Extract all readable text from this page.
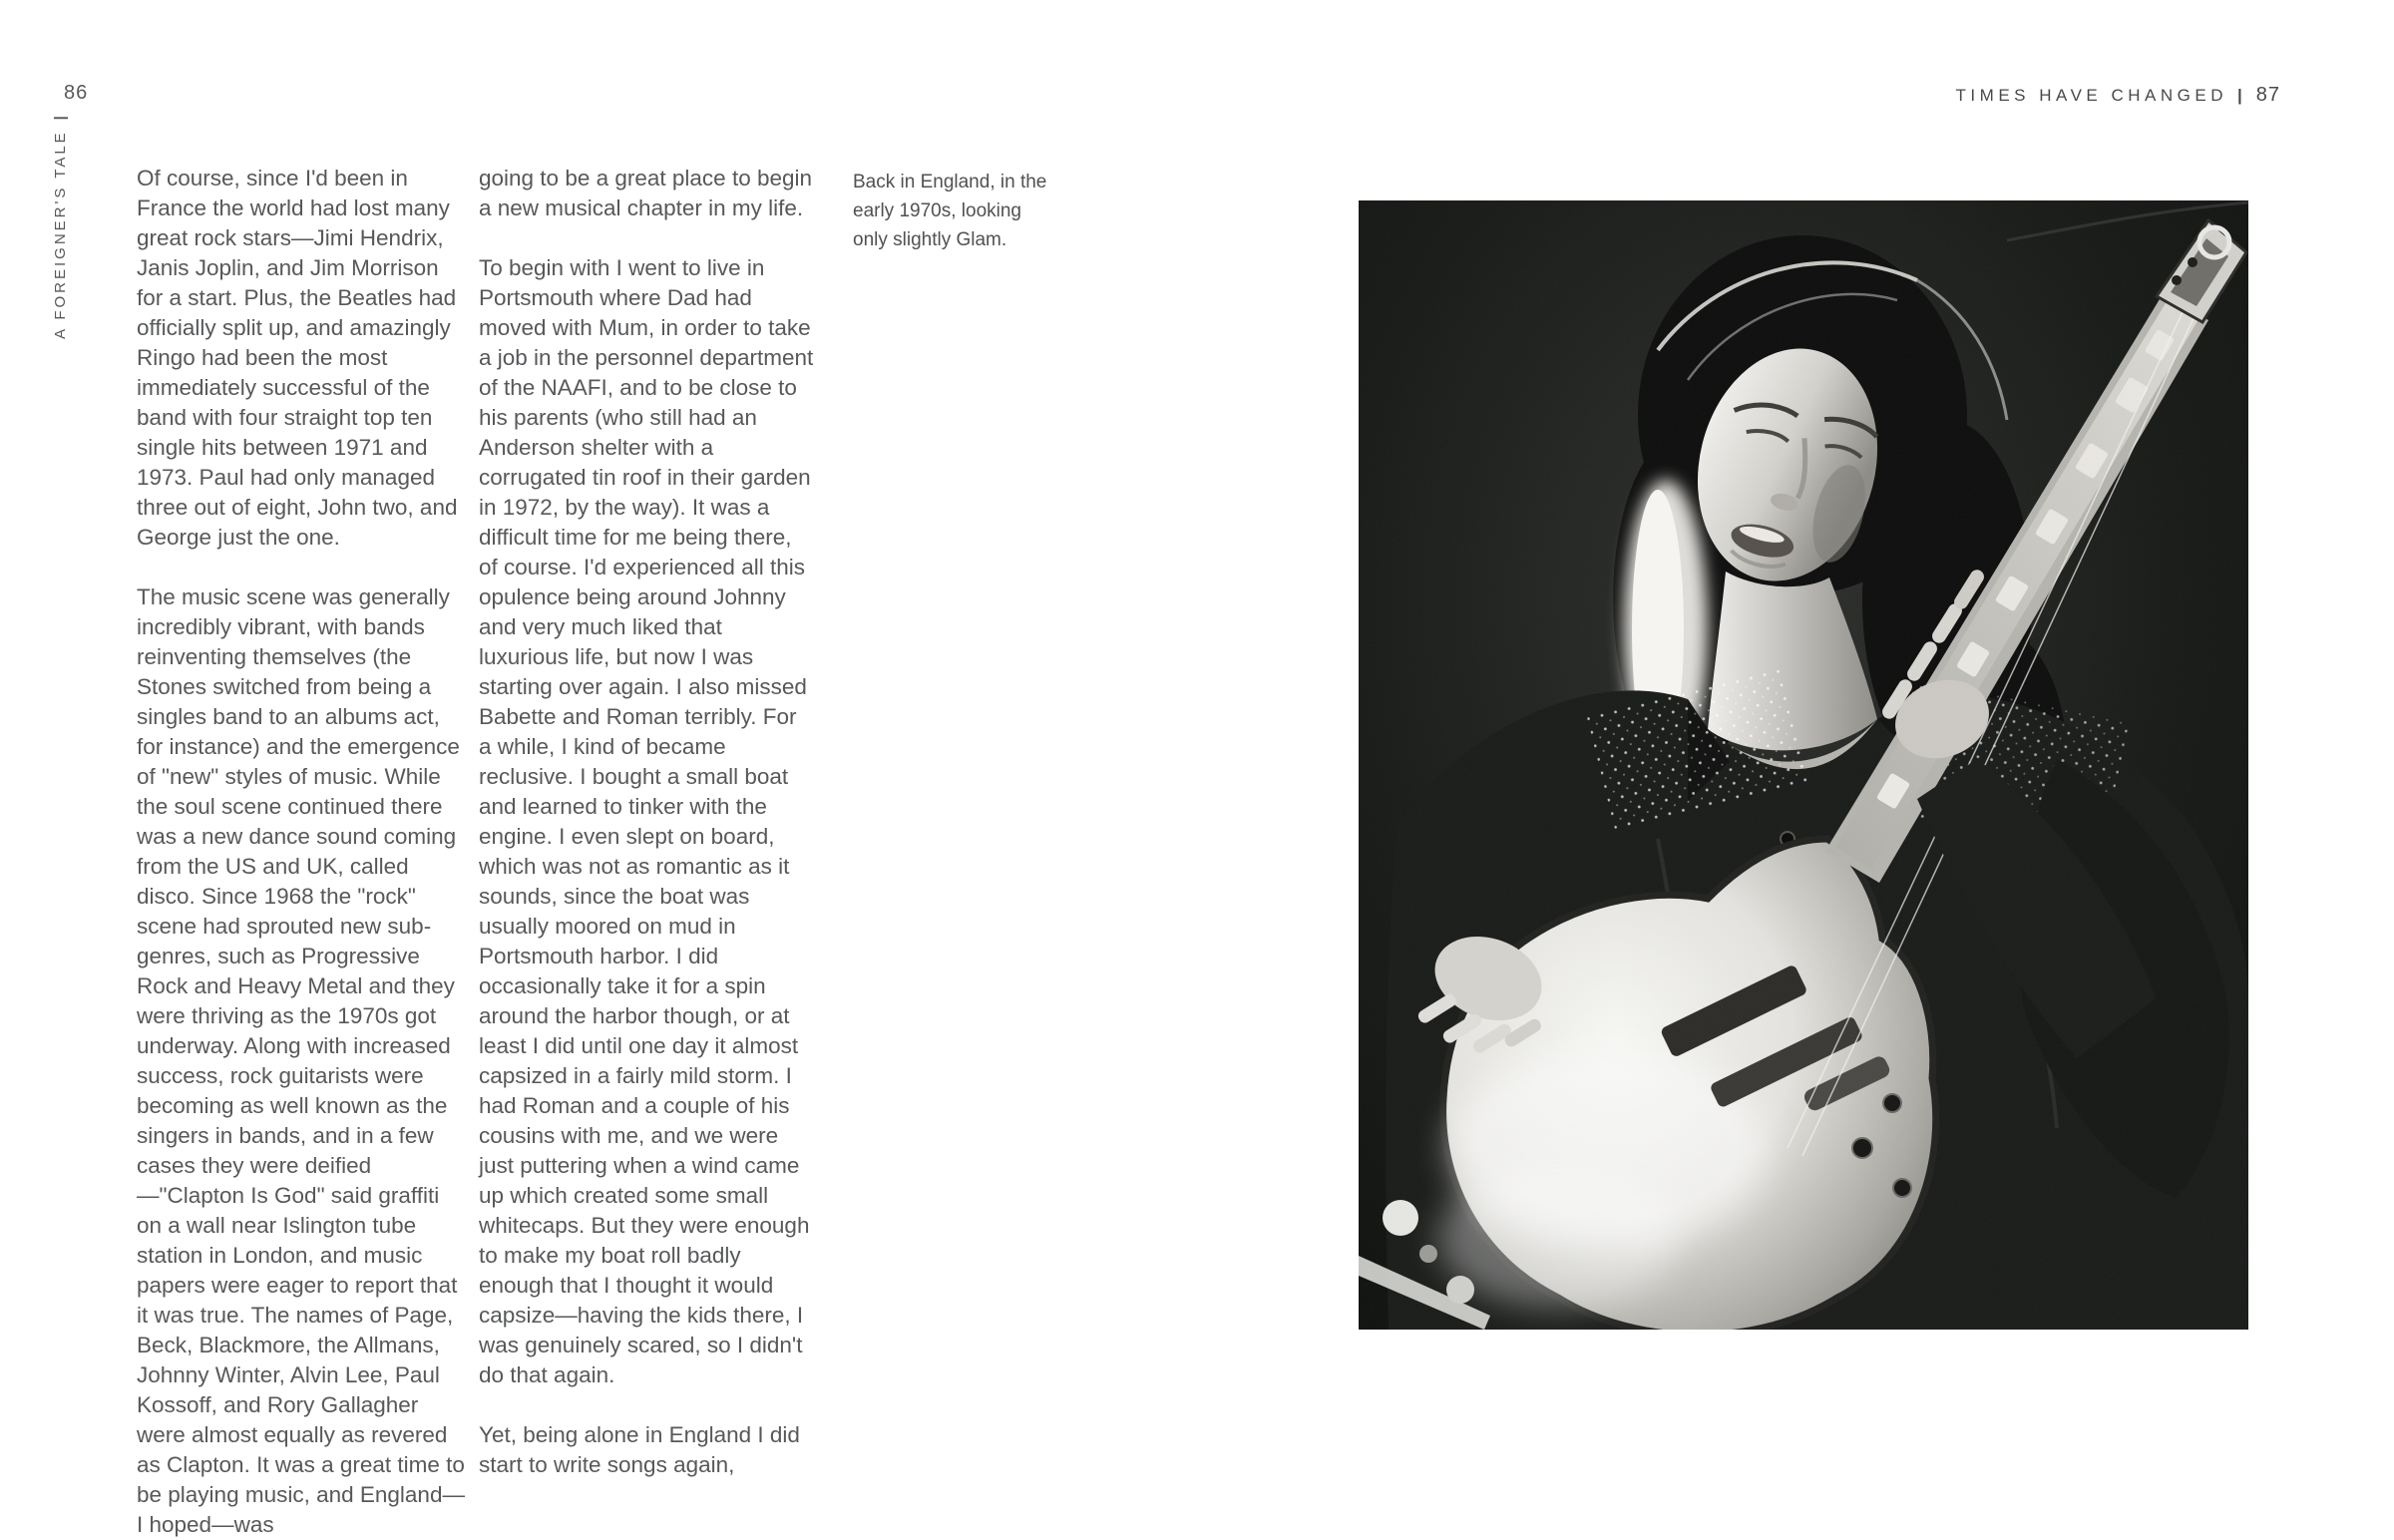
86
A FOREIGNER'S TALE|

Of course, since I'd been in France the world had lost many great rock stars—Jimi Hendrix, Janis Joplin, and Jim Morrison for a start. Plus, the Beatles had officially split up, and amazingly Ringo had been the most immediately successful of the band with four straight top ten single hits between 1971 and 1973. Paul had only managed three out of eight, John two, and George just the one.

The music scene was generally incredibly vibrant, with bands reinventing themselves (the Stones switched from being a singles band to an albums act, for instance) and the emergence of "new" styles of music. While the soul scene continued there was a new dance sound coming from the US and UK, called disco. Since 1968 the "rock" scene had sprouted new sub-genres, such as Progressive Rock and Heavy Metal and they were thriving as the 1970s got underway. Along with increased success, rock guitarists were becoming as well known as the singers in bands, and in a few cases they were deified—"Clapton Is God" said graffiti on a wall near Islington tube station in London, and music papers were eager to report that it was true. The names of Page, Beck, Blackmore, the Allmans, Johnny Winter, Alvin Lee, Paul Kossoff, and Rory Gallagher were almost equally as revered as Clapton. It was a great time to be playing music, and England—I hoped—was

going to be a great place to begin a new musical chapter in my life.

To begin with I went to live in Portsmouth where Dad had moved with Mum, in order to take a job in the personnel department of the NAAFI, and to be close to his parents (who still had an Anderson shelter with a corrugated tin roof in their garden in 1972, by the way). It was a difficult time for me being there, of course. I'd experienced all this opulence being around Johnny and very much liked that luxurious life, but now I was starting over again. I also missed Babette and Roman terribly. For a while, I kind of became reclusive. I bought a small boat and learned to tinker with the engine. I even slept on board, which was not as romantic as it sounds, since the boat was usually moored on mud in Portsmouth harbor. I did occasionally take it for a spin around the harbor though, or at least I did until one day it almost capsized in a fairly mild storm. I had Roman and a couple of his cousins with me, and we were just puttering when a wind came up which created some small whitecaps. But they were enough to make my boat roll badly enough that I thought it would capsize—having the kids there, I was genuinely scared, so I didn't do that again.

Yet, being alone in England I did start to write songs again,

Back in England, in the

early 1970s, looking

only slightly Glam.

TIMES HAVE CHANGED | 87
